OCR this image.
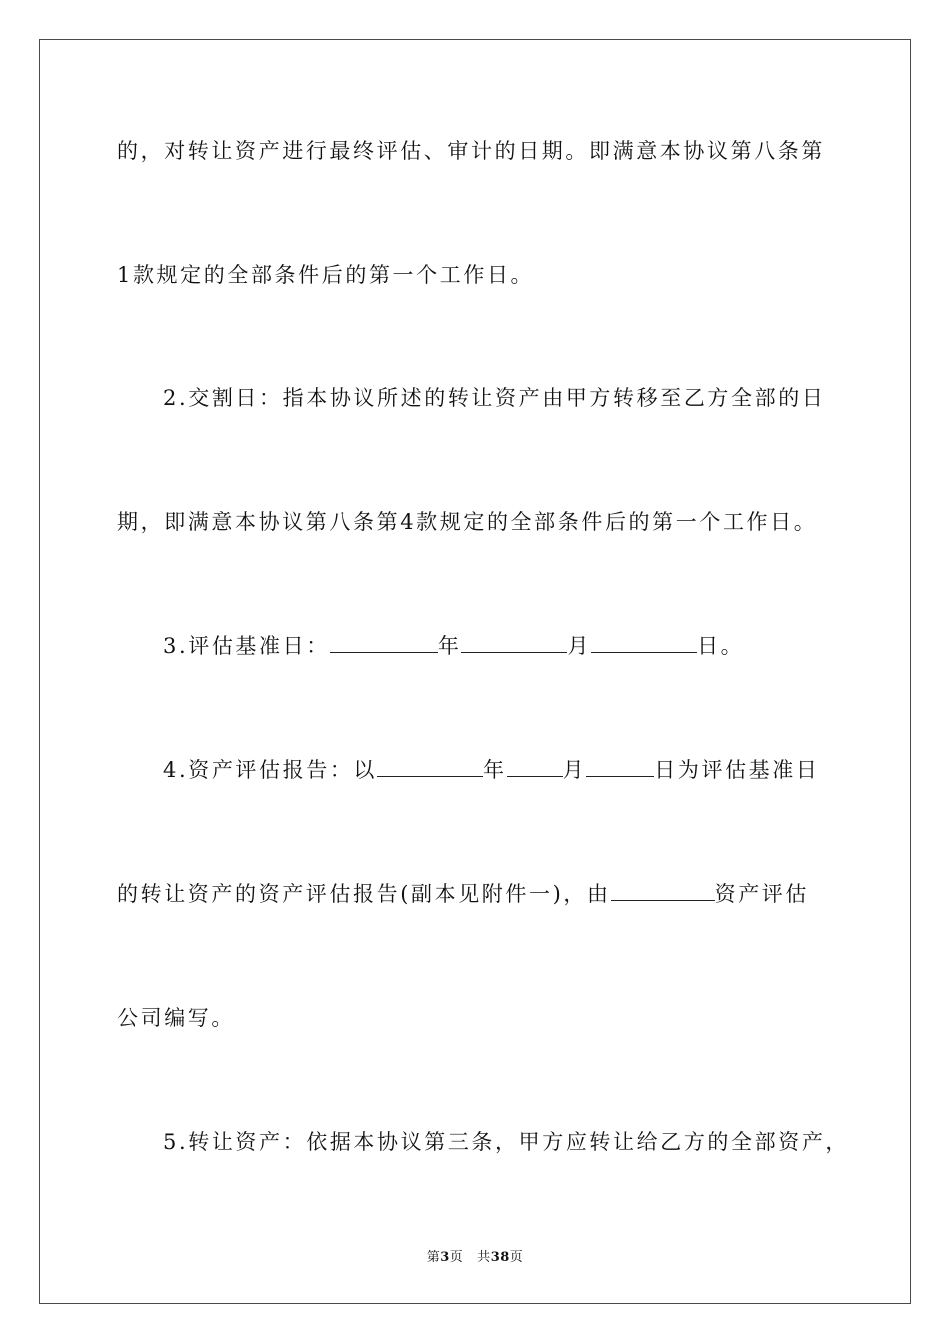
的，对转让资产进行最终评估、审计的日期。即满意本协议第八条第
1款规定的全部条件后的第一个工作日。
2.交割日：指本协议所述的转让资产由甲方转移至乙方全部的日
期，即满意本协议第八条第4款规定的全部条件后的第一个工作日。
3.评估基准日：	年	月	日。
4.资产评估报告：以	年	月	日为评估基准日
的转让资产的资产评估报告(副本见附件一)，由	资产评估
公司编写。
5.转让资产：依据本协议第三条，甲方应转让给乙方的全部资产，
第3页 共38页
